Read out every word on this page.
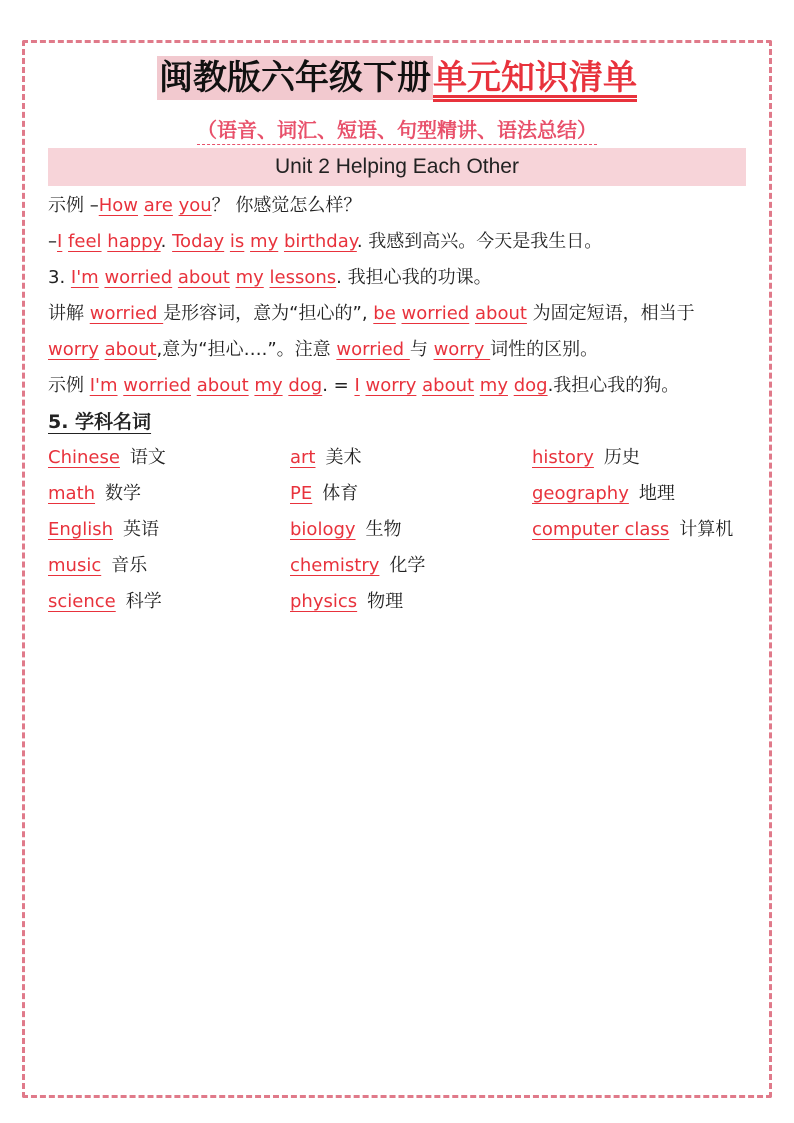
闽教版六年级下册单元知识清单
（语音、词汇、短语、句型精讲、语法总结）
Unit 2 Helping Each Other
示例 –How are you？ 你感觉怎么样？
–I feel happy. Today is my birthday. 我感到高兴。今天是我生日。
3. I'm worried about my lessons. 我担心我的功课。
讲解 worried 是形容词，意为“担心的”, be worried about 为固定短语，相当于
worry about,意为“担心….”。注意 worried 与 worry 词性的区别。
示例 I'm worried about my dog. = I worry about my dog.我担心我的狗。
5. 学科名词
Chinese 语文	art 美术	history 历史
math 数学	PE 体育	geography 地理
English 英语	biology 生物	computer class 计算机
music 音乐	chemistry 化学
science 科学	physics 物理
